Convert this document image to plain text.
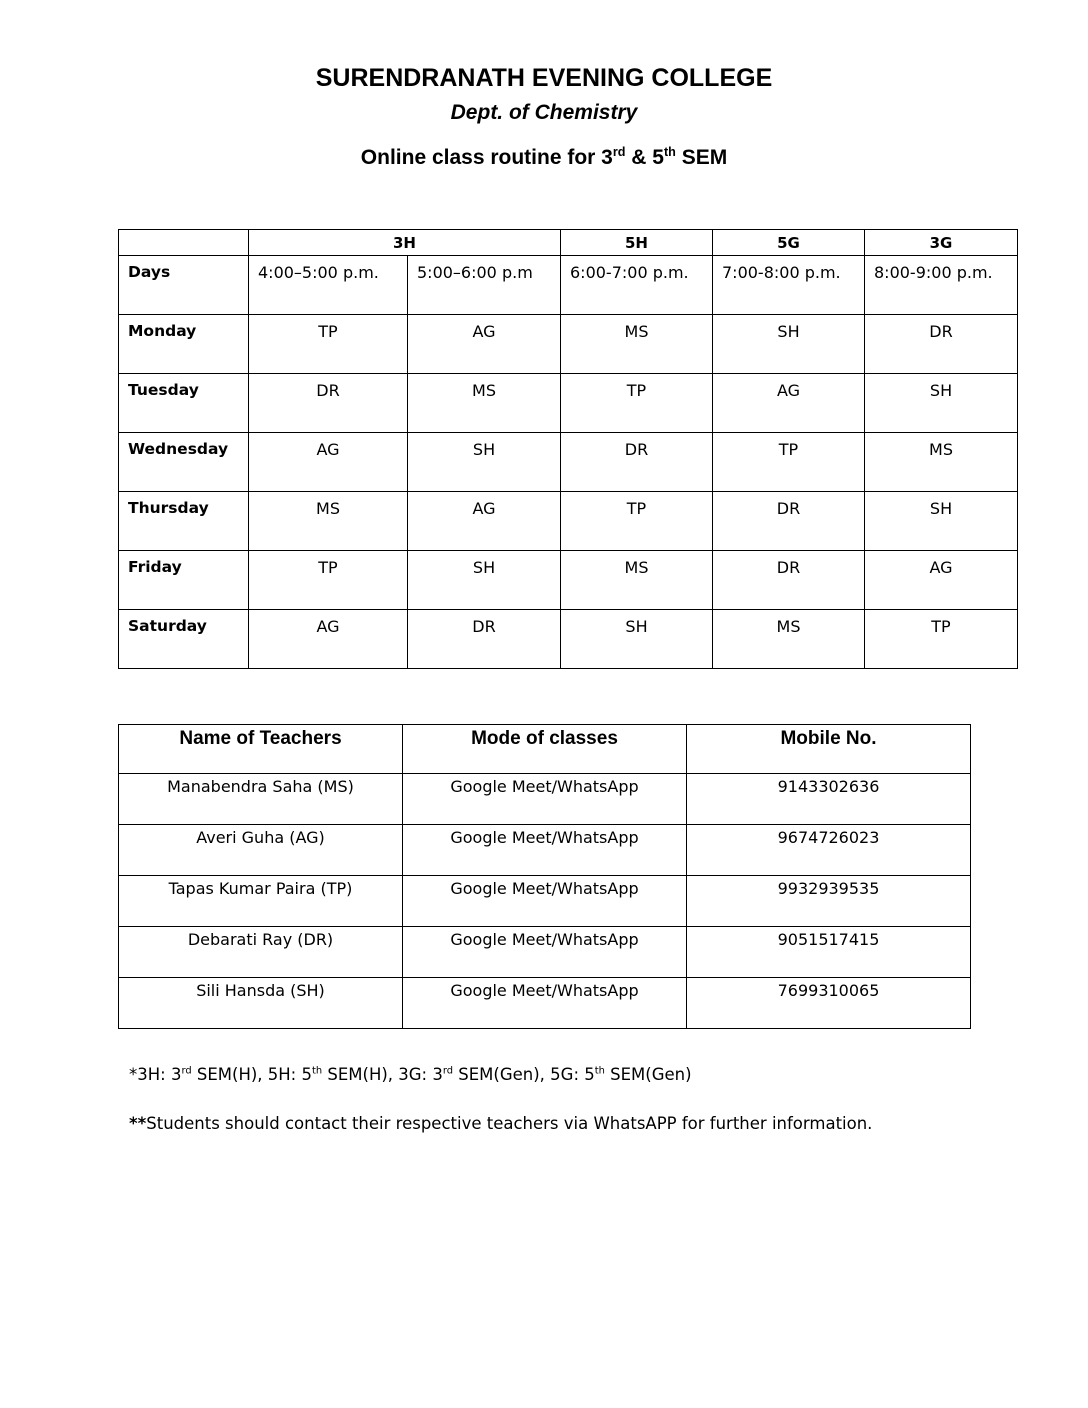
SURENDRANATH EVENING COLLEGE
Dept. of Chemistry
Online class routine for 3rd & 5th SEM
	3H		5H	5G	3G
Days	4:00–5:00 p.m.	5:00–6:00 p.m	6:00-7:00 p.m.	7:00-8:00 p.m.	8:00-9:00 p.m.
Monday	TP	AG	MS	SH	DR
Tuesday	DR	MS	TP	AG	SH
Wednesday	AG	SH	DR	TP	MS
Thursday	MS	AG	TP	DR	SH
Friday	TP	SH	MS	DR	AG
Saturday	AG	DR	SH	MS	TP
Name of Teachers	Mode of classes	Mobile No.
Manabendra Saha (MS)	Google Meet/WhatsApp	9143302636
Averi Guha (AG)	Google Meet/WhatsApp	9674726023
Tapas Kumar Paira (TP)	Google Meet/WhatsApp	9932939535
Debarati Ray (DR)	Google Meet/WhatsApp	9051517415
Sili Hansda (SH)	Google Meet/WhatsApp	7699310065
*3H: 3rd SEM(H), 5H: 5th SEM(H), 3G: 3rd SEM(Gen), 5G: 5th SEM(Gen)
**Students should contact their respective teachers via WhatsAPP for further information.
